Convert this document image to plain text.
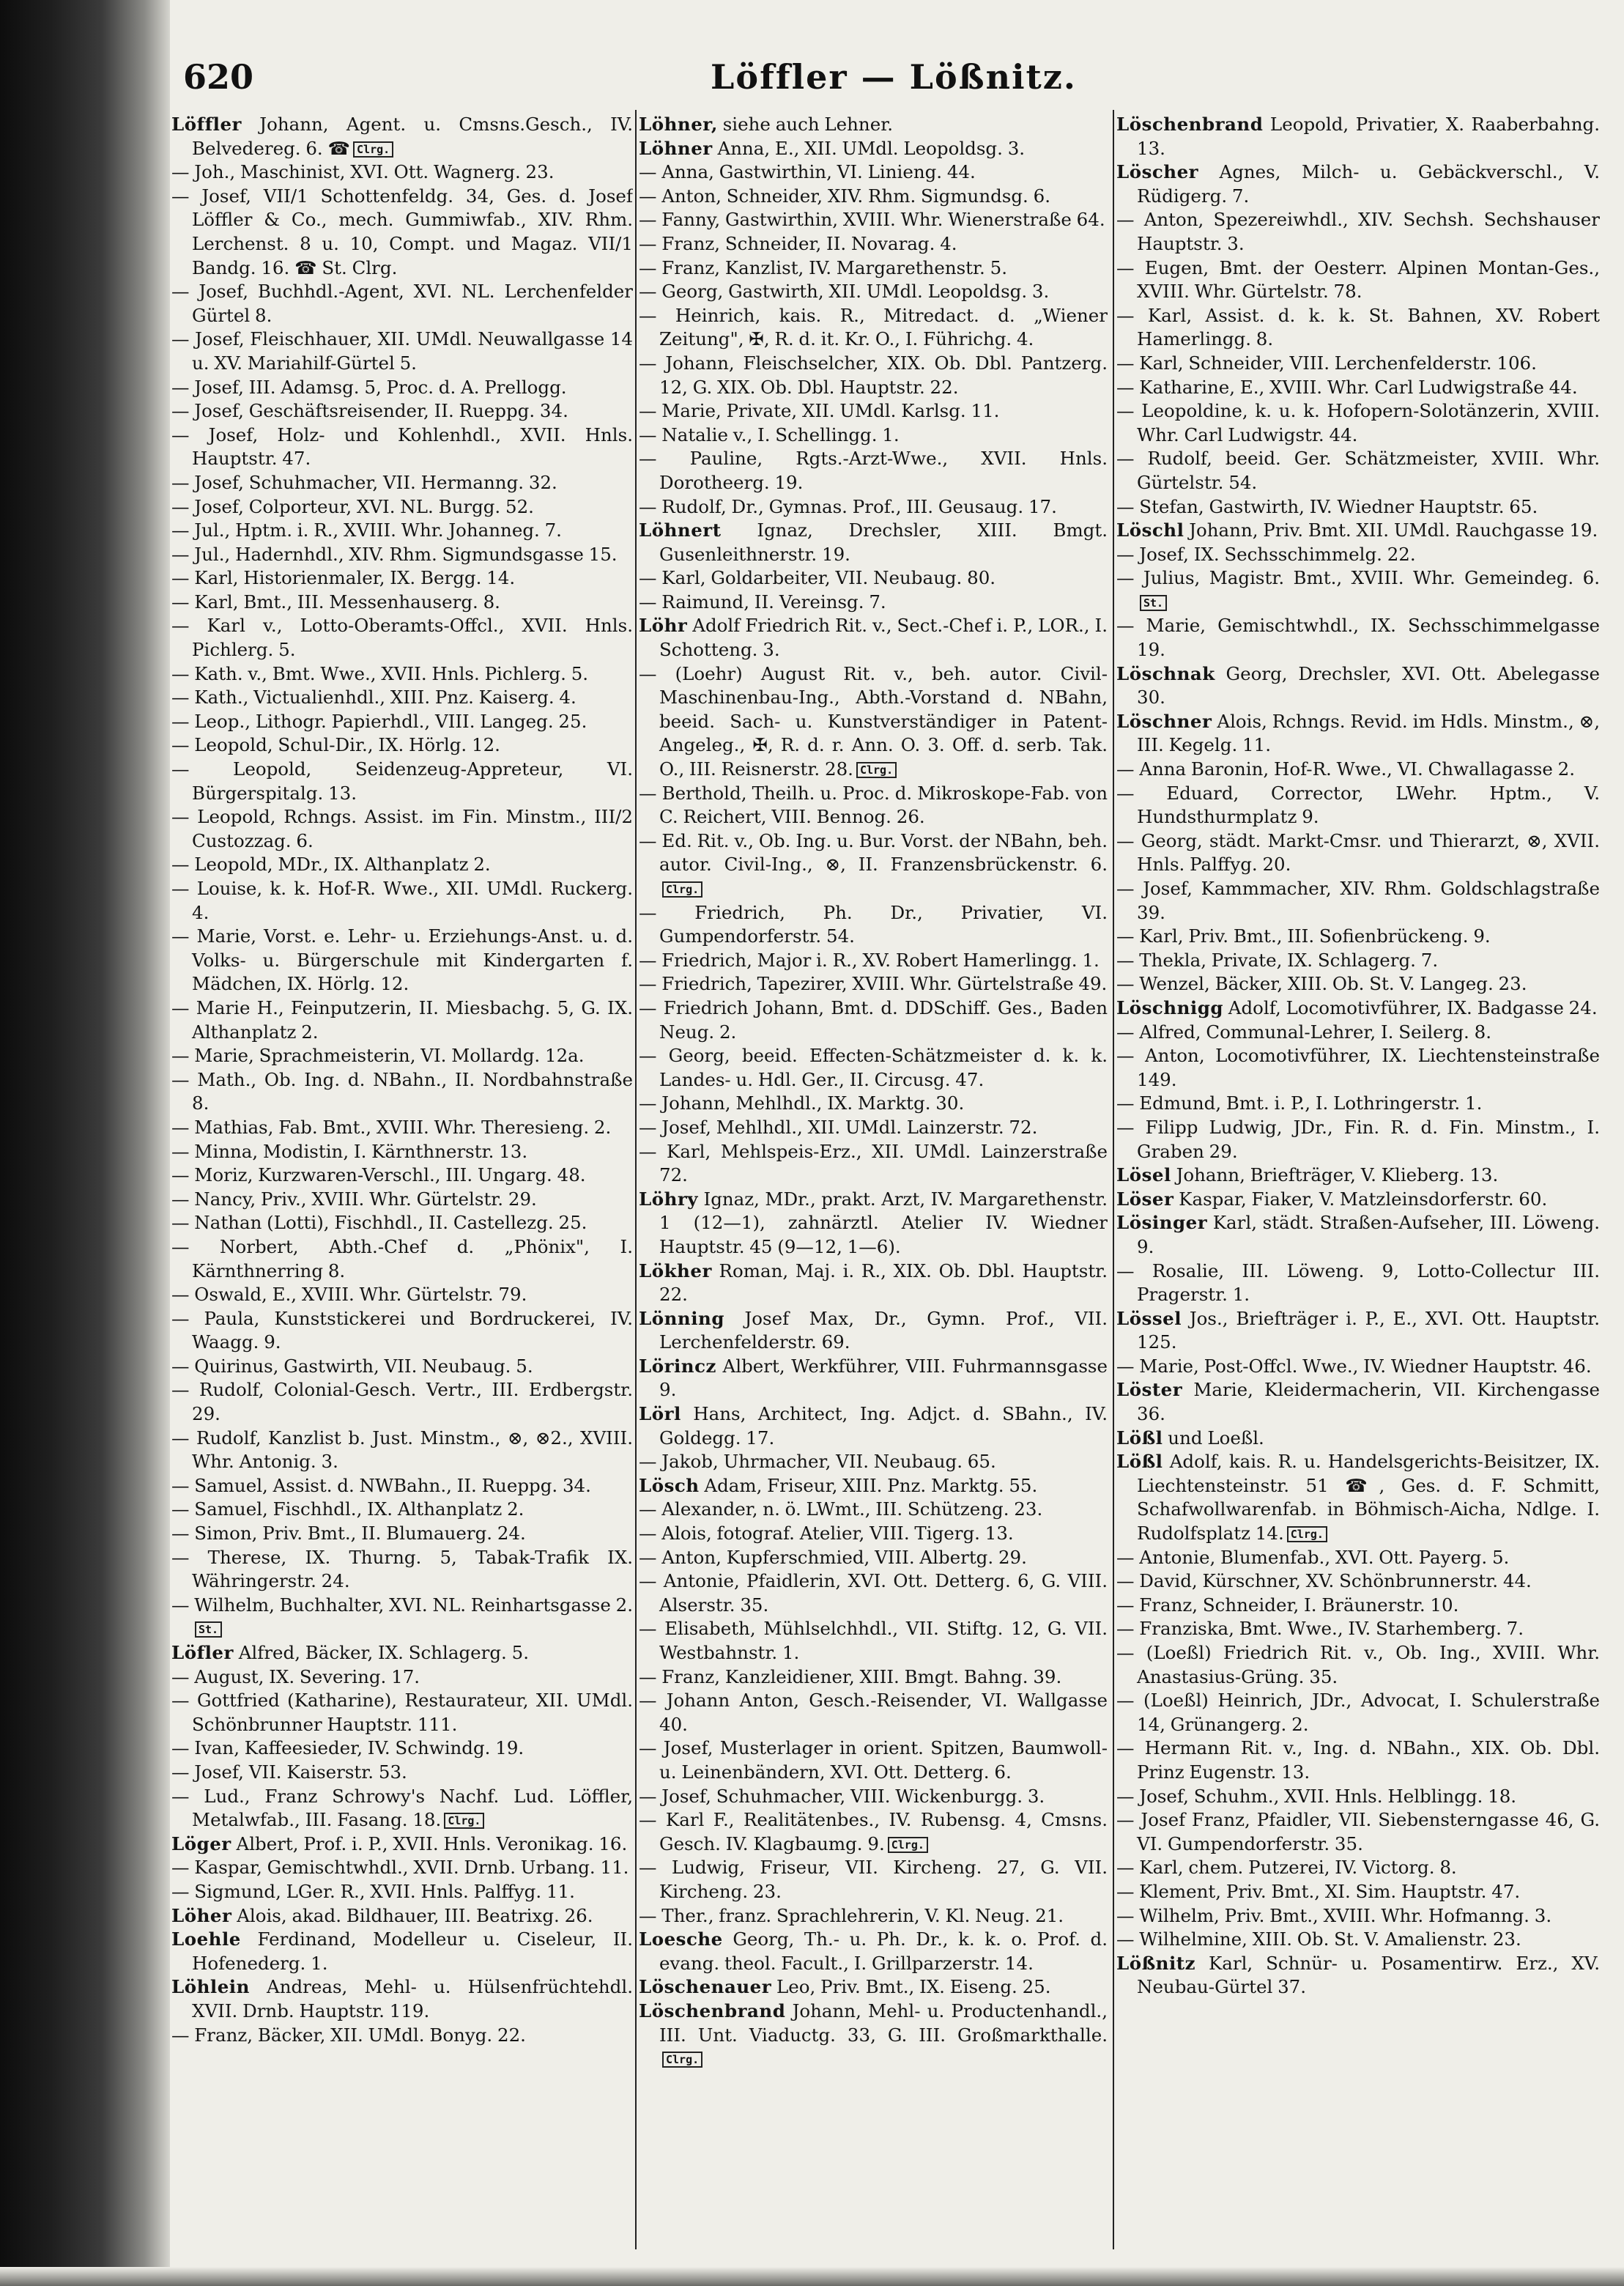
620	Löffler — Lößnitz.
Löffler Johann, Agent. u. Cmsns.Gesch., IV. Belvedereg. 6. ☎ Clrg.
— Joh., Maschinist, XVI. Ott. Wagnerg. 23.
— Josef, VII/1 Schottenfeldg. 34, Ges. d. Josef Löffler & Co., mech. Gummiwfab., XIV. Rhm. Lerchenst. 8 u. 10, Compt. und Magaz. VII/1 Bandg. 16. ☎ St. Clrg.
— Josef, Buchhdl.-Agent, XVI. NL. Lerchenfelder Gürtel 8.
— Josef, Fleischhauer, XII. UMdl. Neuwallgasse 14 u. XV. Mariahilf-Gürtel 5.
— Josef, III. Adamsg. 5, Proc. d. A. Prellogg.
— Josef, Geschäftsreisender, II. Rueppg. 34.
— Josef, Holz- und Kohlenhdl., XVII. Hnls. Hauptstr. 47.
— Josef, Schuhmacher, VII. Hermanng. 32.
— Josef, Colporteur, XVI. NL. Burgg. 52.
— Jul., Hptm. i. R., XVIII. Whr. Johanneg. 7.
— Jul., Hadernhdl., XIV. Rhm. Sigmundsgasse 15.
— Karl, Historienmaler, IX. Bergg. 14.
— Karl, Bmt., III. Messenhauserg. 8.
— Karl v., Lotto-Oberamts-Offcl., XVII. Hnls. Pichlerg. 5.
— Kath. v., Bmt. Wwe., XVII. Hnls. Pichlerg. 5.
— Kath., Victualienhdl., XIII. Pnz. Kaiserg. 4.
— Leop., Lithogr. Papierhdl., VIII. Langeg. 25.
— Leopold, Schul-Dir., IX. Hörlg. 12.
— Leopold, Seidenzeug-Appreteur, VI. Bürgerspitalg. 13.
— Leopold, Rchngs. Assist. im Fin. Minstm., III/2 Custozzag. 6.
— Leopold, MDr., IX. Althanplatz 2.
— Louise, k. k. Hof-R. Wwe., XII. UMdl. Ruckerg. 4.
— Marie, Vorst. e. Lehr- u. Erziehungs-Anst. u. d. Volks- u. Bürgerschule mit Kindergarten f. Mädchen, IX. Hörlg. 12.
— Marie H., Feinputzerin, II. Miesbachg. 5, G. IX. Althanplatz 2.
— Marie, Sprachmeisterin, VI. Mollardg. 12a.
— Math., Ob. Ing. d. NBahn., II. Nordbahnstraße 8.
— Mathias, Fab. Bmt., XVIII. Whr. Theresieng. 2.
— Minna, Modistin, I. Kärnthnerstr. 13.
— Moriz, Kurzwaren-Verschl., III. Ungarg. 48.
— Nancy, Priv., XVIII. Whr. Gürtelstr. 29.
— Nathan (Lotti), Fischhdl., II. Castellezg. 25.
— Norbert, Abth.-Chef d. „Phönix", I. Kärnthnerring 8.
— Oswald, E., XVIII. Whr. Gürtelstr. 79.
— Paula, Kunststickerei und Bordruckerei, IV. Waagg. 9.
— Quirinus, Gastwirth, VII. Neubaug. 5.
— Rudolf, Colonial-Gesch. Vertr., III. Erdbergstr. 29.
— Rudolf, Kanzlist b. Just. Minstm., ⊗, ⊗2., XVIII. Whr. Antonig. 3.
— Samuel, Assist. d. NWBahn., II. Rueppg. 34.
— Samuel, Fischhdl., IX. Althanplatz 2.
— Simon, Priv. Bmt., II. Blumauerg. 24.
— Therese, IX. Thurng. 5, Tabak-Trafik IX. Währingerstr. 24.
— Wilhelm, Buchhalter, XVI. NL. Reinhartsgasse 2.St.
Löfler Alfred, Bäcker, IX. Schlagerg. 5.
— August, IX. Severing. 17.
— Gottfried (Katharine), Restaurateur, XII. UMdl. Schönbrunner Hauptstr. 111.
— Ivan, Kaffeesieder, IV. Schwindg. 19.
— Josef, VII. Kaiserstr. 53.
— Lud., Franz Schrowy's Nachf. Lud. Löffler, Metalwfab., III. Fasang. 18. Clrg.
Löger Albert, Prof. i. P., XVII. Hnls. Veronikag. 16.
— Kaspar, Gemischtwhdl., XVII. Drnb. Urbang. 11.
— Sigmund, LGer. R., XVII. Hnls. Palffyg. 11.
Löher Alois, akad. Bildhauer, III. Beatrixg. 26.
Loehle Ferdinand, Modelleur u. Ciseleur, II. Hofenederg. 1.
Löhlein Andreas, Mehl- u. Hülsenfrüchtehdl. XVII. Drnb. Hauptstr. 119.
— Franz, Bäcker, XII. UMdl. Bonyg. 22.
Löhner, siehe auch Lehner.
Löhner Anna, E., XII. UMdl. Leopoldsg. 3.
— Anna, Gastwirthin, VI. Linieng. 44.
— Anton, Schneider, XIV. Rhm. Sigmundsg. 6.
— Fanny, Gastwirthin, XVIII. Whr. Wienerstraße 64.
— Franz, Schneider, II. Novarag. 4.
— Franz, Kanzlist, IV. Margarethenstr. 5.
— Georg, Gastwirth, XII. UMdl. Leopoldsg. 3.
— Heinrich, kais. R., Mitredact. d. „Wiener Zeitung", ✠, R. d. it. Kr. O., I. Führichg. 4.
— Johann, Fleischselcher, XIX. Ob. Dbl. Pantzerg. 12, G. XIX. Ob. Dbl. Hauptstr. 22.
— Marie, Private, XII. UMdl. Karlsg. 11.
— Natalie v., I. Schellingg. 1.
— Pauline, Rgts.-Arzt-Wwe., XVII. Hnls. Dorotheerg. 19.
— Rudolf, Dr., Gymnas. Prof., III. Geusaug. 17.
Löhnert Ignaz, Drechsler, XIII. Bmgt. Gusenleithnerstr. 19.
— Karl, Goldarbeiter, VII. Neubaug. 80.
— Raimund, II. Vereinsg. 7.
Löhr Adolf Friedrich Rit. v., Sect.-Chef i. P., LOR., I. Schotteng. 3.
— (Loehr) August Rit. v., beh. autor. Civil-Maschinenbau-Ing., Abth.-Vorstand d. NBahn, beeid. Sach- u. Kunstverständiger in Patent-Angeleg., ✠, R. d. r. Ann. O. 3. Off. d. serb. Tak. O., III. Reisnerstr. 28. Clrg.
— Berthold, Theilh. u. Proc. d. Mikroskope-Fab. von C. Reichert, VIII. Bennog. 26.
— Ed. Rit. v., Ob. Ing. u. Bur. Vorst. der NBahn, beh. autor. Civil-Ing., ⊗, II. Franzensbrückenstr. 6.Clrg.
— Friedrich, Ph. Dr., Privatier, VI. Gumpendorferstr. 54.
— Friedrich, Major i. R., XV. Robert Hamerlingg. 1.
— Friedrich, Tapezirer, XVIII. Whr. Gürtelstraße 49.
— Friedrich Johann, Bmt. d. DDSchiff. Ges., Baden Neug. 2.
— Georg, beeid. Effecten-Schätzmeister d. k. k. Landes- u. Hdl. Ger., II. Circusg. 47.
— Johann, Mehlhdl., IX. Marktg. 30.
— Josef, Mehlhdl., XII. UMdl. Lainzerstr. 72.
— Karl, Mehlspeis-Erz., XII. UMdl. Lainzerstraße 72.
Löhry Ignaz, MDr., prakt. Arzt, IV. Margarethenstr. 1 (12—1), zahnärztl. Atelier IV. Wiedner Hauptstr. 45 (9—12, 1—6).
Lökher Roman, Maj. i. R., XIX. Ob. Dbl. Hauptstr. 22.
Lönning Josef Max, Dr., Gymn. Prof., VII. Lerchenfelderstr. 69.
Lörincz Albert, Werkführer, VIII. Fuhrmannsgasse 9.
Lörl Hans, Architect, Ing. Adjct. d. SBahn., IV. Goldegg. 17.
— Jakob, Uhrmacher, VII. Neubaug. 65.
Lösch Adam, Friseur, XIII. Pnz. Marktg. 55.
— Alexander, n. ö. LWmt., III. Schützeng. 23.
— Alois, fotograf. Atelier, VIII. Tigerg. 13.
— Anton, Kupferschmied, VIII. Albertg. 29.
— Antonie, Pfaidlerin, XVI. Ott. Detterg. 6, G. VIII. Alserstr. 35.
— Elisabeth, Mühlselchhdl., VII. Stiftg. 12, G. VII. Westbahnstr. 1.
— Franz, Kanzleidiener, XIII. Bmgt. Bahng. 39.
— Johann Anton, Gesch.-Reisender, VI. Wallgasse 40.
— Josef, Musterlager in orient. Spitzen, Baumwoll- u. Leinenbändern, XVI. Ott. Detterg. 6.
— Josef, Schuhmacher, VIII. Wickenburgg. 3.
— Karl F., Realitätenbes., IV. Rubensg. 4, Cmsns. Gesch. IV. Klagbaumg. 9. Clrg.
— Ludwig, Friseur, VII. Kircheng. 27, G. VII. Kircheng. 23.
— Ther., franz. Sprachlehrerin, V. Kl. Neug. 21.
Loesche Georg, Th.- u. Ph. Dr., k. k. o. Prof. d. evang. theol. Facult., I. Grillparzerstr. 14.
Löschenauer Leo, Priv. Bmt., IX. Eiseng. 25.
Löschenbrand Johann, Mehl- u. Productenhandl., III. Unt. Viaductg. 33, G. III. Großmarkthalle.Clrg.
Löschenbrand Leopold, Privatier, X. Raaberbahng. 13.
Löscher Agnes, Milch- u. Gebäckverschl., V. Rüdigerg. 7.
— Anton, Spezereiwhdl., XIV. Sechsh. Sechshauser Hauptstr. 3.
— Eugen, Bmt. der Oesterr. Alpinen Montan-Ges., XVIII. Whr. Gürtelstr. 78.
— Karl, Assist. d. k. k. St. Bahnen, XV. Robert Hamerlingg. 8.
— Karl, Schneider, VIII. Lerchenfelderstr. 106.
— Katharine, E., XVIII. Whr. Carl Ludwigstraße 44.
— Leopoldine, k. u. k. Hofopern-Solotänzerin, XVIII. Whr. Carl Ludwigstr. 44.
— Rudolf, beeid. Ger. Schätzmeister, XVIII. Whr. Gürtelstr. 54.
— Stefan, Gastwirth, IV. Wiedner Hauptstr. 65.
Löschl Johann, Priv. Bmt. XII. UMdl. Rauchgasse 19.
— Josef, IX. Sechsschimmelg. 22.
— Julius, Magistr. Bmt., XVIII. Whr. Gemeindeg. 6.St.
— Marie, Gemischtwhdl., IX. Sechsschimmelgasse 19.
Löschnak Georg, Drechsler, XVI. Ott. Abelegasse 30.
Löschner Alois, Rchngs. Revid. im Hdls. Minstm., ⊗, III. Kegelg. 11.
— Anna Baronin, Hof-R. Wwe., VI. Chwallagasse 2.
— Eduard, Corrector, LWehr. Hptm., V. Hundsthurmplatz 9.
— Georg, städt. Markt-Cmsr. und Thierarzt, ⊗, XVII. Hnls. Palffyg. 20.
— Josef, Kammmacher, XIV. Rhm. Goldschlagstraße 39.
— Karl, Priv. Bmt., III. Sofienbrückeng. 9.
— Thekla, Private, IX. Schlagerg. 7.
— Wenzel, Bäcker, XIII. Ob. St. V. Langeg. 23.
Löschnigg Adolf, Locomotivführer, IX. Badgasse 24.
— Alfred, Communal-Lehrer, I. Seilerg. 8.
— Anton, Locomotivführer, IX. Liechtensteinstraße 149.
— Edmund, Bmt. i. P., I. Lothringerstr. 1.
— Filipp Ludwig, JDr., Fin. R. d. Fin. Minstm., I. Graben 29.
Lösel Johann, Briefträger, V. Klieberg. 13.
Löser Kaspar, Fiaker, V. Matzleinsdorferstr. 60.
Lösinger Karl, städt. Straßen-Aufseher, III. Löweng. 9.
— Rosalie, III. Löweng. 9, Lotto-Collectur III. Pragerstr. 1.
Lössel Jos., Briefträger i. P., E., XVI. Ott. Hauptstr. 125.
— Marie, Post-Offcl. Wwe., IV. Wiedner Hauptstr. 46.
Löster Marie, Kleidermacherin, VII. Kirchengasse 36.
Lößl und Loeßl.
Lößl Adolf, kais. R. u. Handelsgerichts-Beisitzer, IX. Liechtensteinstr. 51 ☎, Ges. d. F. Schmitt, Schafwollwarenfab. in Böhmisch-Aicha, Ndlge. I. Rudolfsplatz 14. Clrg.
— Antonie, Blumenfab., XVI. Ott. Payerg. 5.
— David, Kürschner, XV. Schönbrunnerstr. 44.
— Franz, Schneider, I. Bräunerstr. 10.
— Franziska, Bmt. Wwe., IV. Starhemberg. 7.
— (Loeßl) Friedrich Rit. v., Ob. Ing., XVIII. Whr. Anastasius-Grüng. 35.
— (Loeßl) Heinrich, JDr., Advocat, I. Schulerstraße 14, Grünangerg. 2.
— Hermann Rit. v., Ing. d. NBahn., XIX. Ob. Dbl. Prinz Eugenstr. 13.
— Josef, Schuhm., XVII. Hnls. Helblingg. 18.
— Josef Franz, Pfaidler, VII. Siebensterngasse 46, G. VI. Gumpendorferstr. 35.
— Karl, chem. Putzerei, IV. Victorg. 8.
— Klement, Priv. Bmt., XI. Sim. Hauptstr. 47.
— Wilhelm, Priv. Bmt., XVIII. Whr. Hofmanng. 3.
— Wilhelmine, XIII. Ob. St. V. Amalienstr. 23.
Lößnitz Karl, Schnür- u. Posamentirw. Erz., XV. Neubau-Gürtel 37.
